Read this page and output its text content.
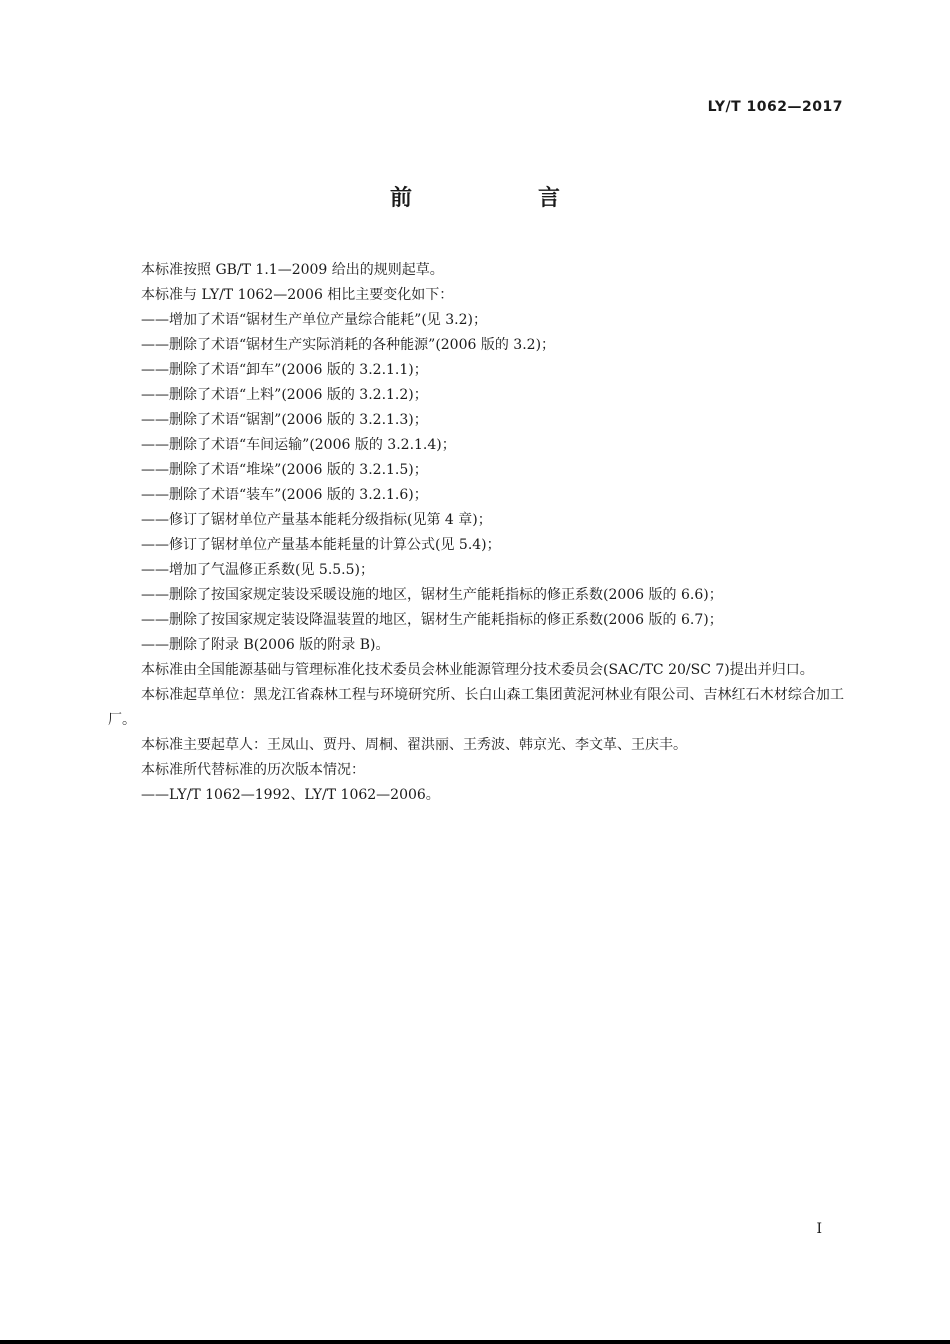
LY/T 1062—2017
前　言

本标准按照 GB/T 1.1—2009 给出的规则起草。

本标准与 LY/T 1062—2006 相比主要变化如下：

——增加了术语“锯材生产单位产量综合能耗”(见 3.2)；

——删除了术语“锯材生产实际消耗的各种能源”(2006 版的 3.2)；

——删除了术语“卸车”(2006 版的 3.2.1.1)；

——删除了术语“上料”(2006 版的 3.2.1.2)；

——删除了术语“锯割”(2006 版的 3.2.1.3)；

——删除了术语“车间运输”(2006 版的 3.2.1.4)；

——删除了术语“堆垛”(2006 版的 3.2.1.5)；

——删除了术语“装车”(2006 版的 3.2.1.6)；

——修订了锯材单位产量基本能耗分级指标(见第 4 章)；

——修订了锯材单位产量基本能耗量的计算公式(见 5.4)；

——增加了气温修正系数(见 5.5.5)；

——删除了按国家规定装设采暖设施的地区，锯材生产能耗指标的修正系数(2006 版的 6.6)；

——删除了按国家规定装设降温装置的地区，锯材生产能耗指标的修正系数(2006 版的 6.7)；

——删除了附录 B(2006 版的附录 B)。

本标准由全国能源基础与管理标准化技术委员会林业能源管理分技术委员会(SAC/TC 20/SC 7)提出并归口。

本标准起草单位：黑龙江省森林工程与环境研究所、长白山森工集团黄泥河林业有限公司、吉林红石木材综合加工厂。

本标准主要起草人：王凤山、贾丹、周桐、翟洪丽、王秀波、韩京光、李文革、王庆丰。

本标准所代替标准的历次版本情况：

——LY/T 1062—1992、LY/T 1062—2006。

I
